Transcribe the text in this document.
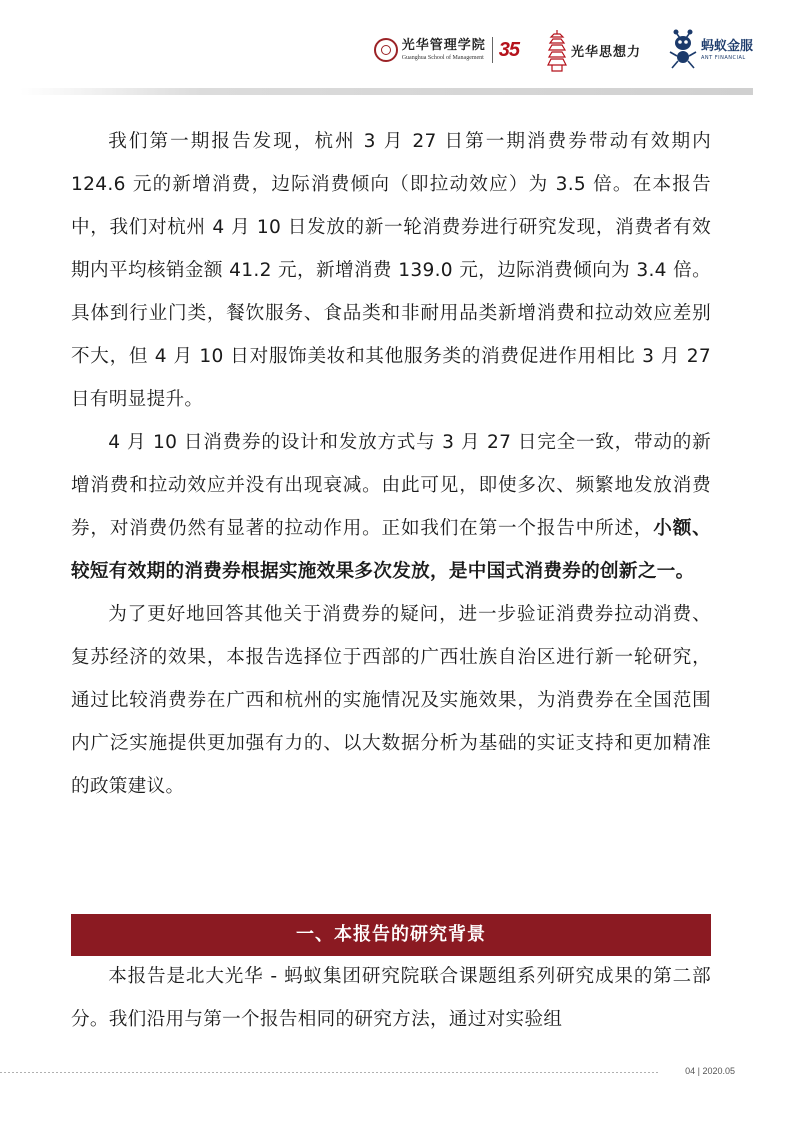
光华管理学院
Guanghua School of Management 35	光华思想力	蚂蚁金服
ANT FINANCIAL

我们第一期报告发现，杭州 3 月 27 日第一期消费券带动有效期内 124.6 元的新增消费，边际消费倾向（即拉动效应）为 3.5 倍。在本报告中，我们对杭州 4 月 10 日发放的新一轮消费券进行研究发现，消费者有效期内平均核销金额 41.2 元，新增消费 139.0 元，边际消费倾向为 3.4 倍。具体到行业门类，餐饮服务、食品类和非耐用品类新增消费和拉动效应差别不大，但 4 月 10 日对服饰美妆和其他服务类的消费促进作用相比 3 月 27 日有明显提升。

4 月 10 日消费券的设计和发放方式与 3 月 27 日完全一致，带动的新增消费和拉动效应并没有出现衰减。由此可见，即使多次、频繁地发放消费券，对消费仍然有显著的拉动作用。正如我们在第一个报告中所述，小额、较短有效期的消费券根据实施效果多次发放，是中国式消费券的创新之一。

为了更好地回答其他关于消费券的疑问，进一步验证消费券拉动消费、复苏经济的效果，本报告选择位于西部的广西壮族自治区进行新一轮研究，通过比较消费券在广西和杭州的实施情况及实施效果，为消费券在全国范围内广泛实施提供更加强有力的、以大数据分析为基础的实证支持和更加精准的政策建议。

一、本报告的研究背景

本报告是北大光华 - 蚂蚁集团研究院联合课题组系列研究成果的第二部分。我们沿用与第一个报告相同的研究方法，通过对实验组

04 | 2020.05
